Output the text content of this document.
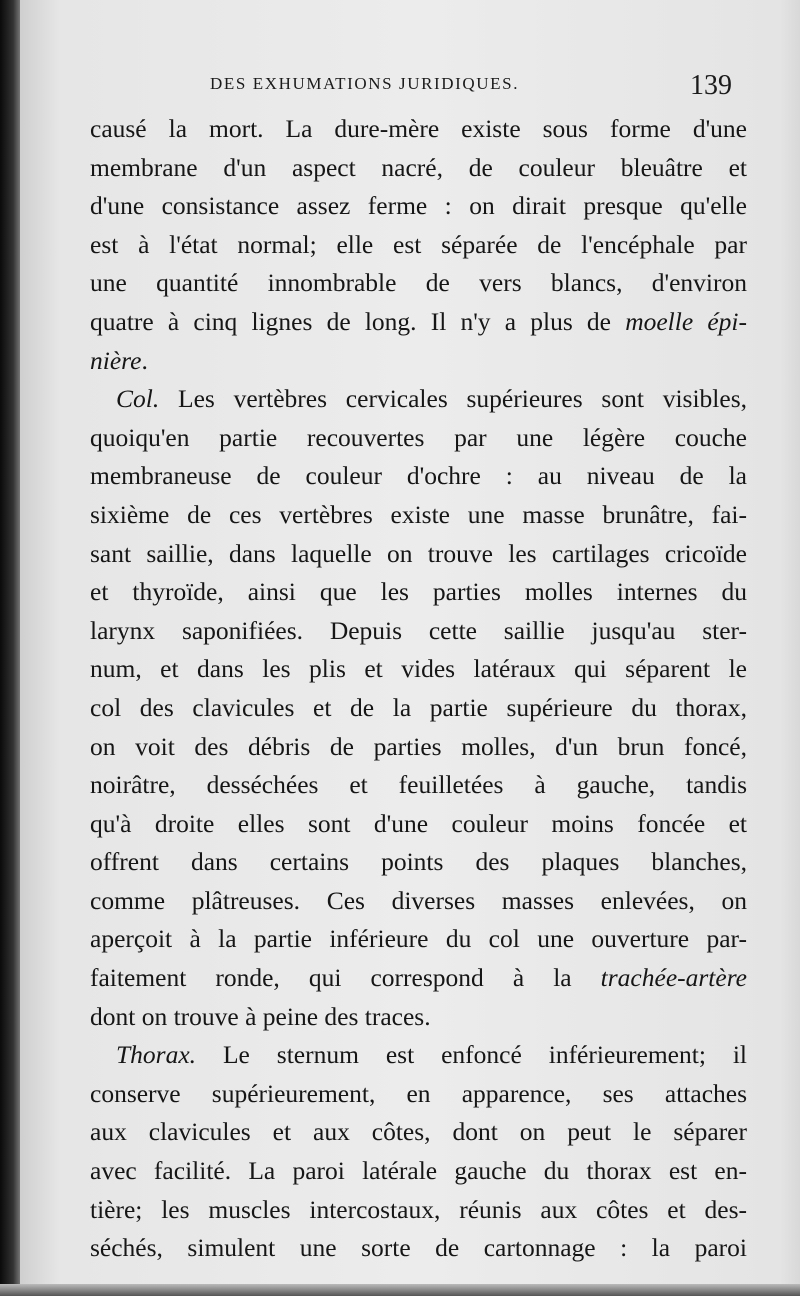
DES EXHUMATIONS JURIDIQUES.	139
causé la mort. La dure-mère existe sous forme d'une
membrane d'un aspect nacré, de couleur bleuâtre et
d'une consistance assez ferme : on dirait presque qu'elle
est à l'état normal; elle est séparée de l'encéphale par
une quantité innombrable de vers blancs, d'environ
quatre à cinq lignes de long. Il n'y a plus de moelle épi-
nière.
Col. Les vertèbres cervicales supérieures sont visibles,
quoiqu'en partie recouvertes par une légère couche
membraneuse de couleur d'ochre : au niveau de la
sixième de ces vertèbres existe une masse brunâtre, fai-
sant saillie, dans laquelle on trouve les cartilages cricoïde
et thyroïde, ainsi que les parties molles internes du
larynx saponifiées. Depuis cette saillie jusqu'au ster-
num, et dans les plis et vides latéraux qui séparent le
col des clavicules et de la partie supérieure du thorax,
on voit des débris de parties molles, d'un brun foncé,
noirâtre, desséchées et feuilletées à gauche, tandis
qu'à droite elles sont d'une couleur moins foncée et
offrent dans certains points des plaques blanches,
comme plâtreuses. Ces diverses masses enlevées, on
aperçoit à la partie inférieure du col une ouverture par-
faitement ronde, qui correspond à la trachée-artère
dont on trouve à peine des traces.
Thorax. Le sternum est enfoncé inférieurement; il
conserve supérieurement, en apparence, ses attaches
aux clavicules et aux côtes, dont on peut le séparer
avec facilité. La paroi latérale gauche du thorax est en-
tière; les muscles intercostaux, réunis aux côtes et des-
séchés, simulent une sorte de cartonnage : la paroi
